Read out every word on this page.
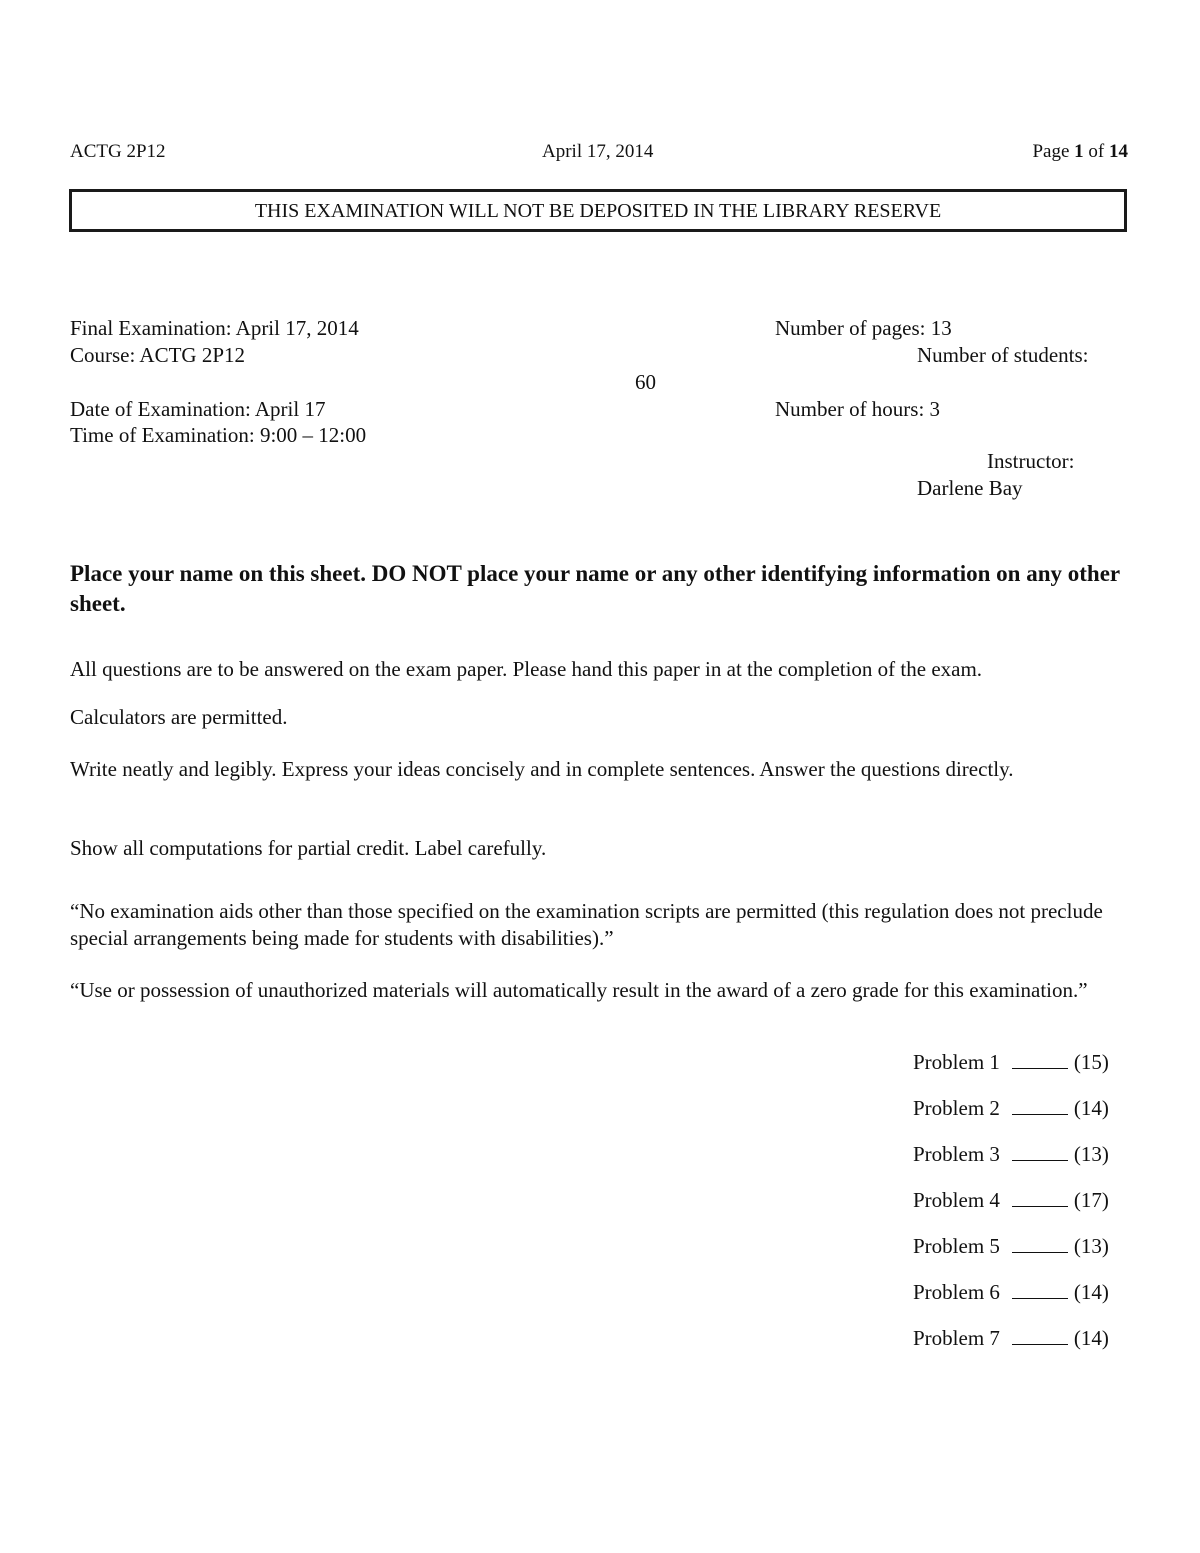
ACTG 2P12	April 17, 2014	Page 1 of 14
THIS EXAMINATION WILL NOT BE DEPOSITED IN THE LIBRARY RESERVE
Final Examination: April 17, 2014
Course: ACTG 2P12
Date of Examination: April 17
Time of Examination: 9:00 – 12:00
Number of pages: 13
Number of students:
60
Number of hours: 3
Instructor:
Darlene Bay
Place your name on this sheet. DO NOT place your name or any other identifying information on any other sheet.
All questions are to be answered on the exam paper. Please hand this paper in at the completion of the exam.
Calculators are permitted.
Write neatly and legibly. Express your ideas concisely and in complete sentences. Answer the questions directly.
Show all computations for partial credit. Label carefully.
“No examination aids other than those specified on the examination scripts are permitted (this regulation does not preclude special arrangements being made for students with disabilities).”
“Use or possession of unauthorized materials will automatically result in the award of a zero grade for this examination.”
Problem 1	(15)
Problem 2	(14)
Problem 3	(13)
Problem 4	(17)
Problem 5	(13)
Problem 6	(14)
Problem 7	(14)
